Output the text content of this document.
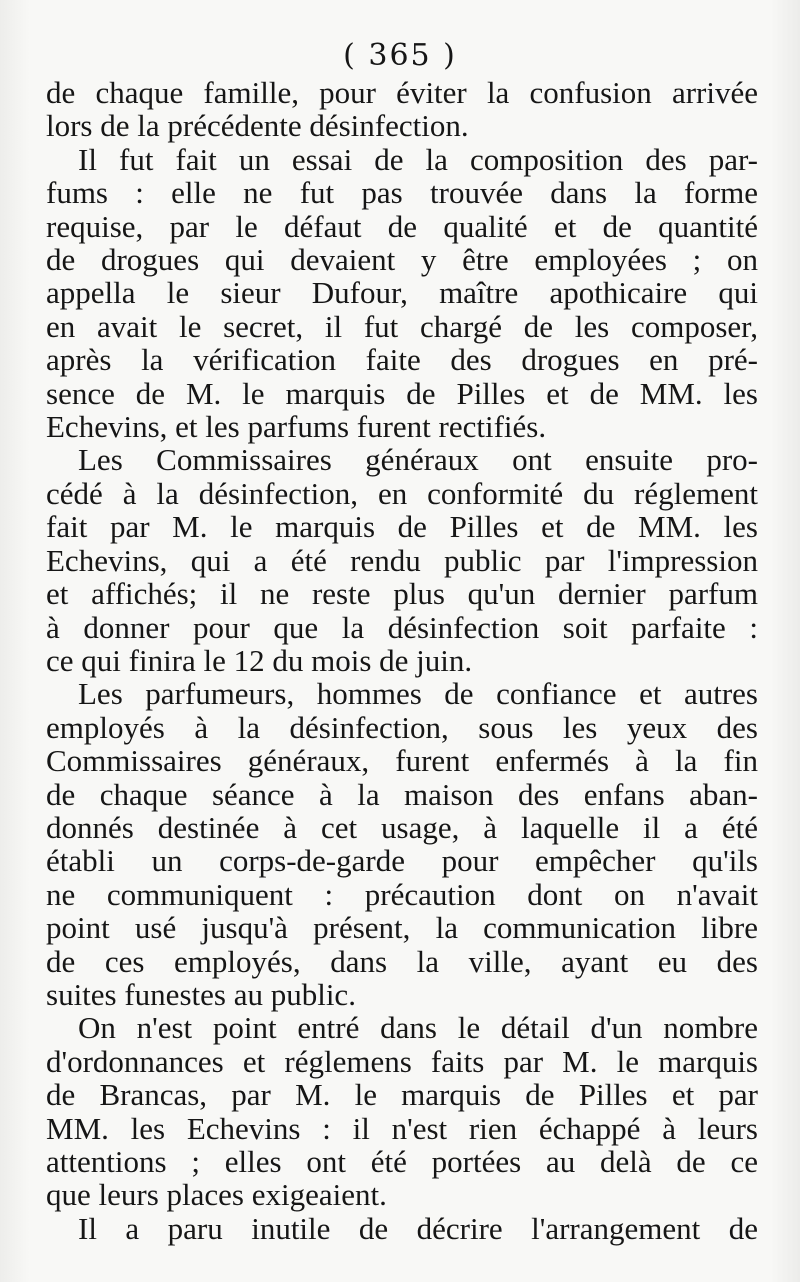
( 365 )
de chaque famille, pour éviter la confusion arrivée
lors de la précédente désinfection.
Il fut fait un essai de la composition des par-
fums : elle ne fut pas trouvée dans la forme
requise, par le défaut de qualité et de quantité
de drogues qui devaient y être employées ; on
appella le sieur Dufour, maître apothicaire qui
en avait le secret, il fut chargé de les composer,
après la vérification faite des drogues en pré-
sence de M. le marquis de Pilles et de MM. les
Echevins, et les parfums furent rectifiés.
Les Commissaires généraux ont ensuite pro-
cédé à la désinfection, en conformité du réglement
fait par M. le marquis de Pilles et de MM. les
Echevins, qui a été rendu public par l'impression
et affichés; il ne reste plus qu'un dernier parfum
à donner pour que la désinfection soit parfaite :
ce qui finira le 12 du mois de juin.
Les parfumeurs, hommes de confiance et autres
employés à la désinfection, sous les yeux des
Commissaires généraux, furent enfermés à la fin
de chaque séance à la maison des enfans aban-
donnés destinée à cet usage, à laquelle il a été
établi un corps-de-garde pour empêcher qu'ils
ne communiquent : précaution dont on n'avait
point usé jusqu'à présent, la communication libre
de ces employés, dans la ville, ayant eu des
suites funestes au public.
On n'est point entré dans le détail d'un nombre
d'ordonnances et réglemens faits par M. le marquis
de Brancas, par M. le marquis de Pilles et par
MM. les Echevins : il n'est rien échappé à leurs
attentions ; elles ont été portées au delà de ce
que leurs places exigeaient.
Il a paru inutile de décrire l'arrangement de
